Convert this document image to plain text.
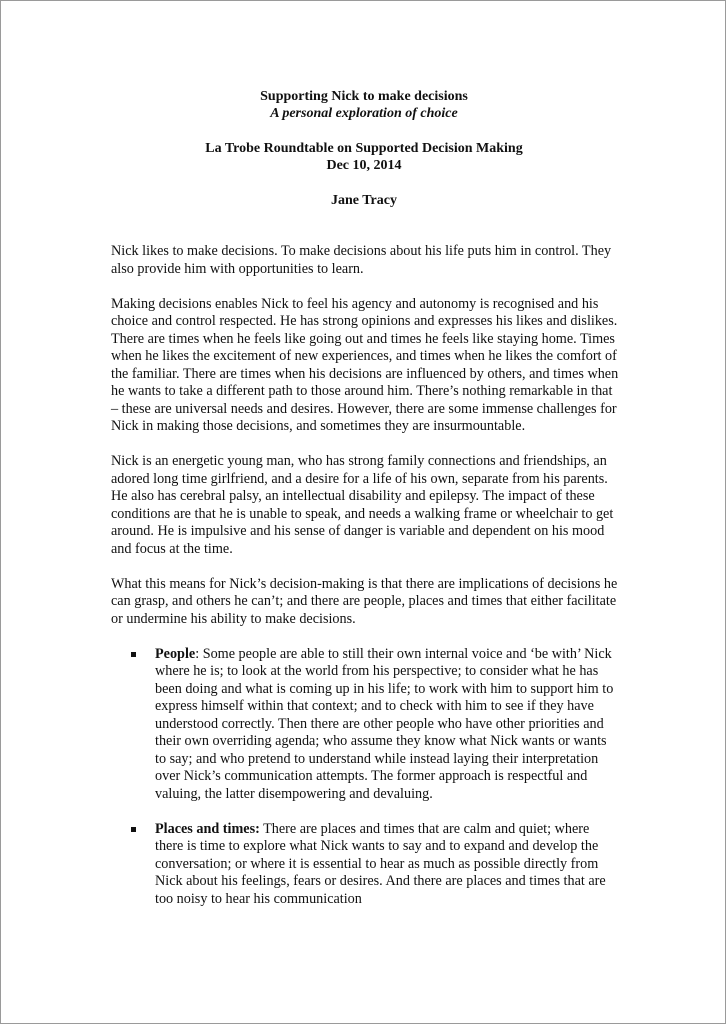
Supporting Nick to make decisions
A personal exploration of choice
La Trobe Roundtable on Supported Decision Making
Dec 10, 2014
Jane Tracy

Nick likes to make decisions. To make decisions about his life puts him in control. They also provide him with opportunities to learn.

Making decisions enables Nick to feel his agency and autonomy is recognised and his choice and control respected. He has strong opinions and expresses his likes and dislikes. There are times when he feels like going out and times he feels like staying home. Times when he likes the excitement of new experiences, and times when he likes the comfort of the familiar. There are times when his decisions are influenced by others, and times when he wants to take a different path to those around him. There’s nothing remarkable in that – these are universal needs and desires. However, there are some immense challenges for Nick in making those decisions, and sometimes they are insurmountable.

Nick is an energetic young man, who has strong family connections and friendships, an adored long time girlfriend, and a desire for a life of his own, separate from his parents. He also has cerebral palsy, an intellectual disability and epilepsy. The impact of these conditions are that he is unable to speak, and needs a walking frame or wheelchair to get around. He is impulsive and his sense of danger is variable and dependent on his mood and focus at the time.

What this means for Nick’s decision-making is that there are implications of decisions he can grasp, and others he can’t; and there are people, places and times that either facilitate or undermine his ability to make decisions.

People: Some people are able to still their own internal voice and ‘be with’ Nick where he is; to look at the world from his perspective; to consider what he has been doing and what is coming up in his life; to work with him to support him to express himself within that context; and to check with him to see if they have understood correctly. Then there are other people who have other priorities and their own overriding agenda; who assume they know what Nick wants or wants to say; and who pretend to understand while instead laying their interpretation over Nick’s communication attempts. The former approach is respectful and valuing, the latter disempowering and devaluing.
Places and times: There are places and times that are calm and quiet; where there is time to explore what Nick wants to say and to expand and develop the conversation; or where it is essential to hear as much as possible directly from Nick about his feelings, fears or desires. And there are places and times that are too noisy to hear his communication
